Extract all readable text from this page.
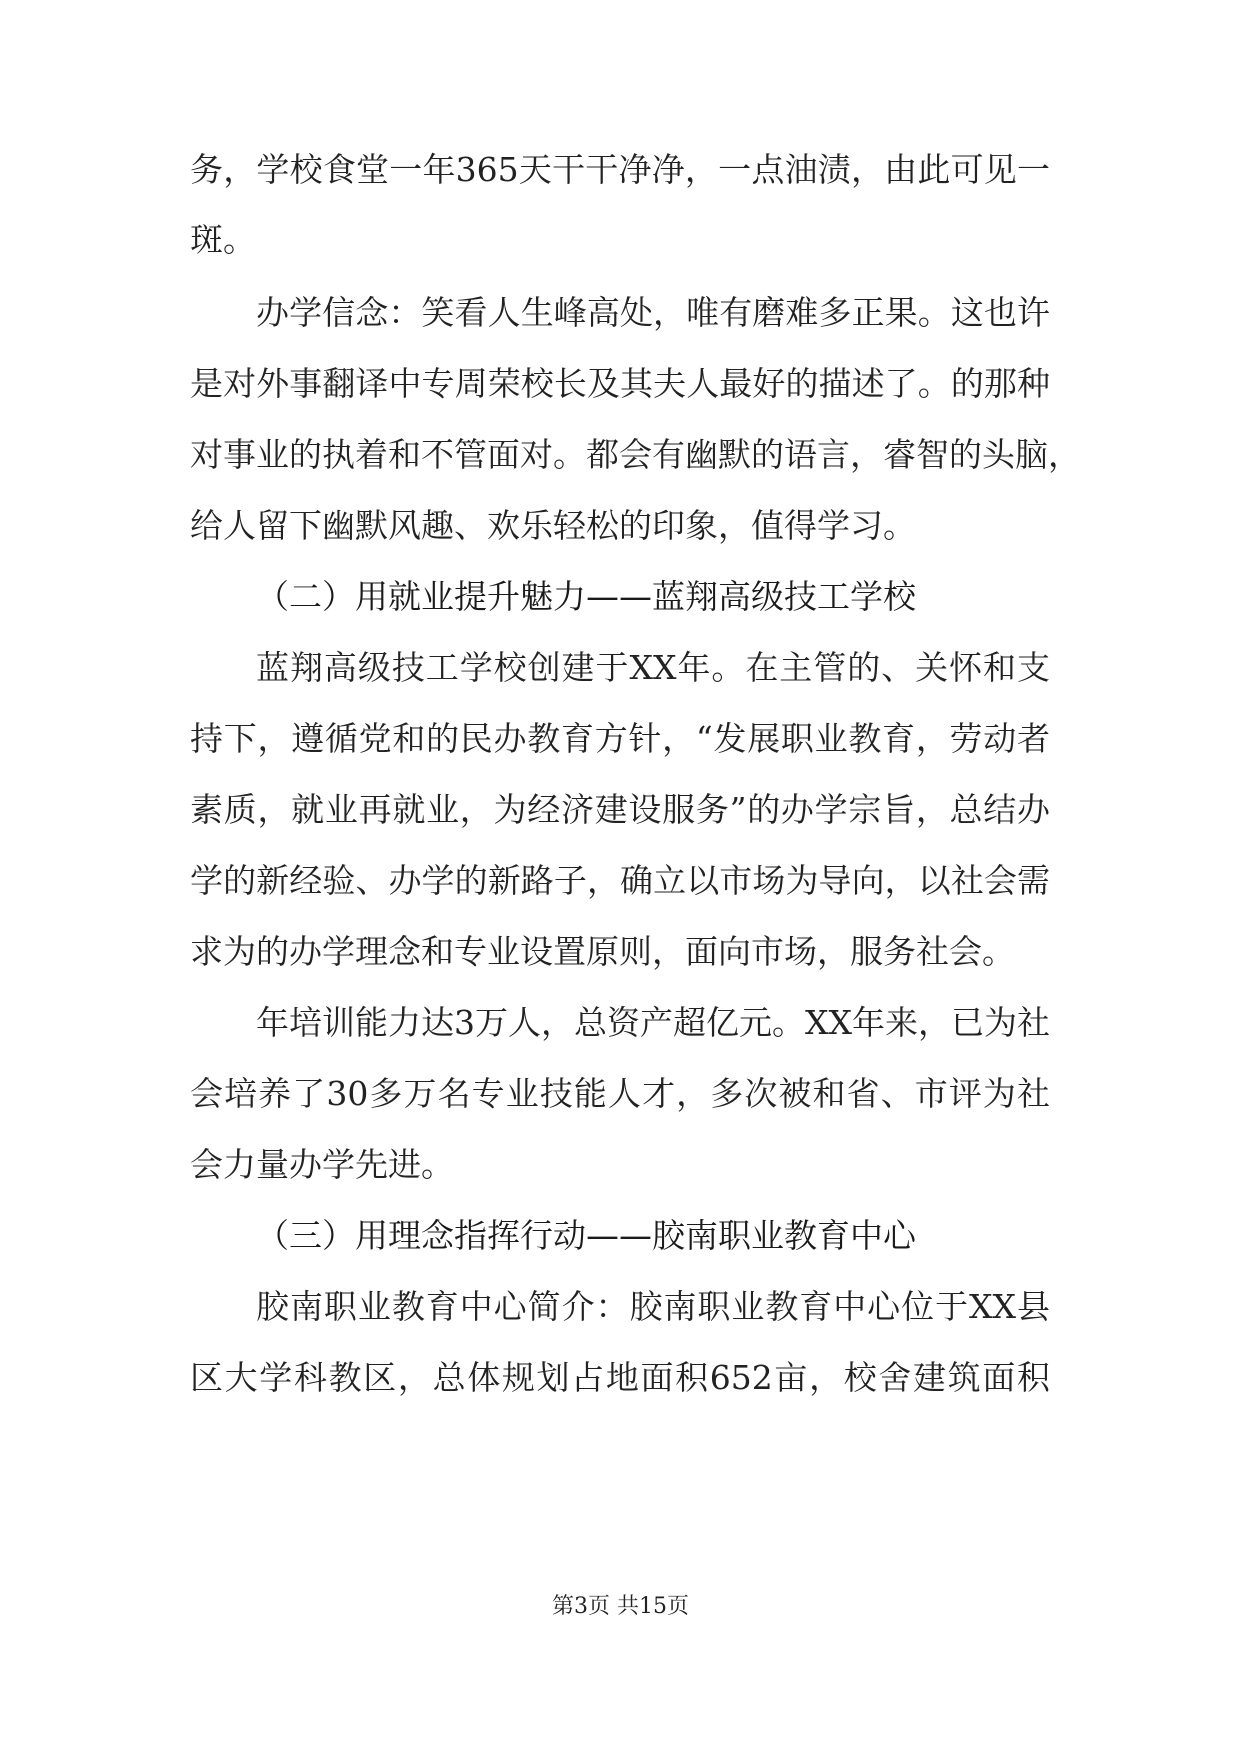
务，学校食堂一年365天干干净净，一点油渍，由此可见一
斑。
办学信念：笑看人生峰高处，唯有磨难多正果。这也许
是对外事翻译中专周荣校长及其夫人最好的描述了。的那种
对事业的执着和不管面对。都会有幽默的语言，睿智的头脑，
给人留下幽默风趣、欢乐轻松的印象，值得学习。
（二）用就业提升魅力——蓝翔高级技工学校
蓝翔高级技工学校创建于XX年。在主管的、关怀和支
持下，遵循党和的民办教育方针，“发展职业教育，劳动者
素质，就业再就业，为经济建设服务”的办学宗旨，总结办
学的新经验、办学的新路子，确立以市场为导向，以社会需
求为的办学理念和专业设置原则，面向市场，服务社会。
年培训能力达3万人，总资产超亿元。XX年来，已为社
会培养了30多万名专业技能人才，多次被和省、市评为社
会力量办学先进。
（三）用理念指挥行动——胶南职业教育中心
胶南职业教育中心简介：胶南职业教育中心位于XX县
区大学科教区，总体规划占地面积652亩，校舍建筑面积
第3页 共15页
